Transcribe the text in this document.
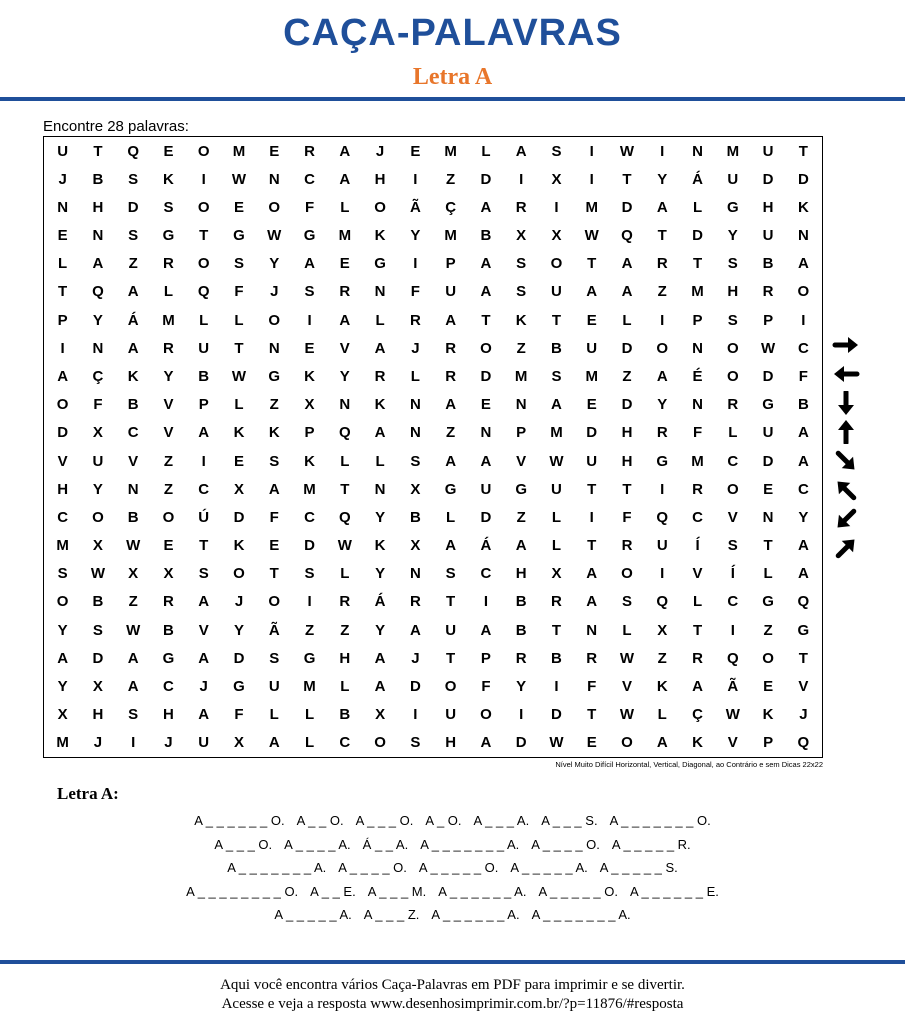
CAÇA-PALAVRAS
Letra A
Encontre 28 palavras:
U	T	Q	E	O	M	E	R	A	J	E	M	L	A	S	I	W	I	N	M	U	T
J	B	S	K	I	W	N	C	A	H	I	Z	D	I	X	I	T	Y	Á	U	D	D
N	H	D	S	O	E	O	F	L	O	Ã	Ç	A	R	I	M	D	A	L	G	H	K
E	N	S	G	T	G	W	G	M	K	Y	M	B	X	X	W	Q	T	D	Y	U	N
L	A	Z	R	O	S	Y	A	E	G	I	P	A	S	O	T	A	R	T	S	B	A
T	Q	A	L	Q	F	J	S	R	N	F	U	A	S	U	A	A	Z	M	H	R	O
P	Y	Á	M	L	L	O	I	A	L	R	A	T	K	T	E	L	I	P	S	P	I
I	N	A	R	U	T	N	E	V	A	J	R	O	Z	B	U	D	O	N	O	W	C
A	Ç	K	Y	B	W	G	K	Y	R	L	R	D	M	S	M	Z	A	É	O	D	F
O	F	B	V	P	L	Z	X	N	K	N	A	E	N	A	E	D	Y	N	R	G	B
D	X	C	V	A	K	K	P	Q	A	N	Z	N	P	M	D	H	R	F	L	U	A
V	U	V	Z	I	E	S	K	L	L	S	A	A	V	W	U	H	G	M	C	D	A
H	Y	N	Z	C	X	A	M	T	N	X	G	U	G	U	T	T	I	R	O	E	C
C	O	B	O	Ú	D	F	C	Q	Y	B	L	D	Z	L	I	F	Q	C	V	N	Y
M	X	W	E	T	K	E	D	W	K	X	A	Á	A	L	T	R	U	Í	S	T	A
S	W	X	X	S	O	T	S	L	Y	N	S	C	H	X	A	O	I	V	Í	L	A
O	B	Z	R	A	J	O	I	R	Á	R	T	I	B	R	A	S	Q	L	C	G	Q
Y	S	W	B	V	Y	Ã	Z	Z	Y	A	U	A	B	T	N	L	X	T	I	Z	G
A	D	A	G	A	D	S	G	H	A	J	T	P	R	B	R	W	Z	R	Q	O	T
Y	X	A	C	J	G	U	M	L	A	D	O	F	Y	I	F	V	K	A	Ã	E	V
X	H	S	H	A	F	L	L	B	X	I	U	O	I	D	T	W	L	Ç	W	K	J
M	J	I	J	U	X	A	L	C	O	S	H	A	D	W	E	O	A	K	V	P	Q
Nível Muito Difícil Horizontal, Vertical, Diagonal, ao Contrário e sem Dicas 22x22
Letra A:
A _ _ _ _ _ _ O. A _ _ O. A _ _ _ O. A _ O. A _ _ _ A. A _ _ _ S. A _ _ _ _ _ _ _ O.
A _ _ _ O. A _ _ _ _ A. Á _ _ A. A _ _ _ _ _ _ _ A. A _ _ _ _ O. A _ _ _ _ _ R.
A _ _ _ _ _ _ _ A. A _ _ _ _ O. A _ _ _ _ _ O. A _ _ _ _ _ A. A _ _ _ _ _ S.
A _ _ _ _ _ _ _ _ O. A _ _ E. A _ _ _ M. A _ _ _ _ _ _ A. A _ _ _ _ _ O. A _ _ _ _ _ _ E.
A _ _ _ _ _ A. A _ _ _ Z. A _ _ _ _ _ _ A. A _ _ _ _ _ _ _ A.
Aqui você encontra vários Caça-Palavras em PDF para imprimir e se divertir.
Acesse e veja a resposta www.desenhosimprimir.com.br/?p=11876/#resposta
